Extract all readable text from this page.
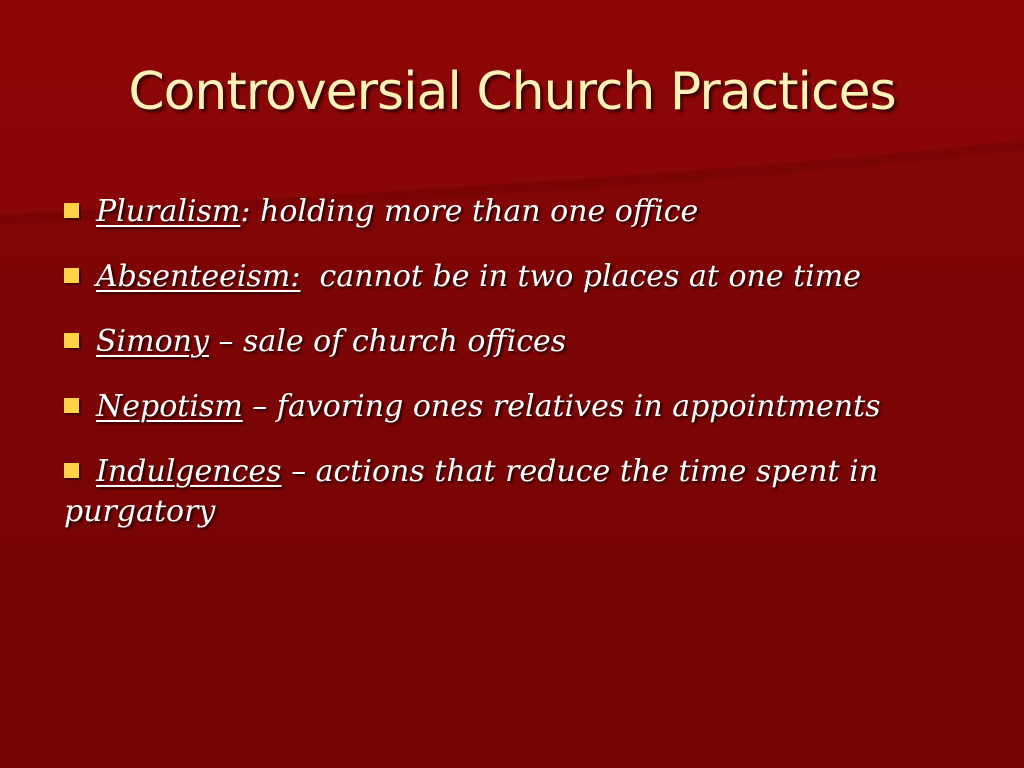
Controversial Church Practices
Pluralism: holding more than one office
Absenteeism: cannot be in two places at one time
Simony – sale of church offices
Nepotism – favoring ones relatives in appointments
Indulgences – actions that reduce the time spent in
purgatory
